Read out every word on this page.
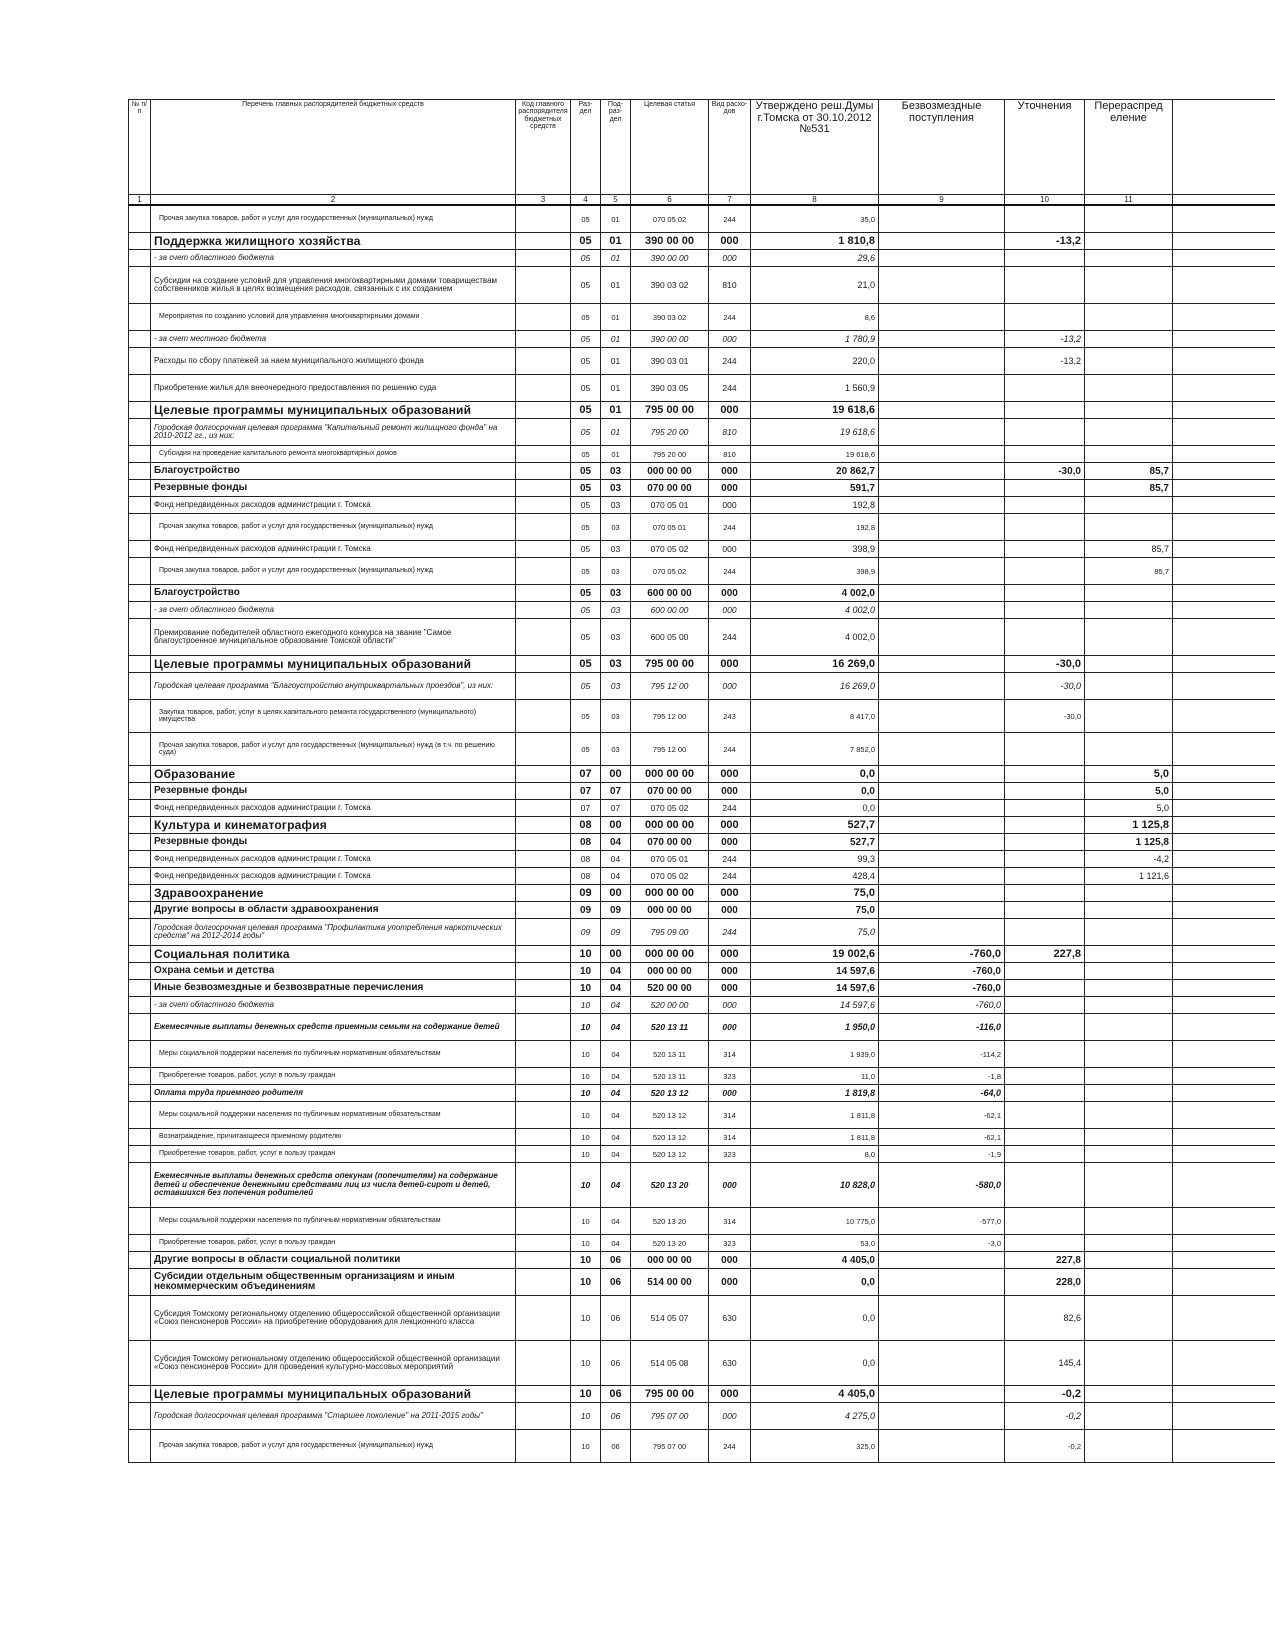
№ п/п	Перечень главных распорядителей бюджетных средств	Код главного распорядителя бюджетных средств	Раз- дел	Под- раз- дел	Целевая статья	Вид расхо- дов	Утверждено реш.Думы г.Томска от 30.10.2012 №531	Безвозмездные поступления	Уточнения	Перераспред еление	
1	2	3	4	5	6	7	8	9	10	11	
	Прочая закупка товаров, работ и услуг для государственных (муниципальных) нужд		05	01	070 05 02	244	35,0				
	Поддержка жилищного хозяйства		05	01	390 00 00	000	1 810,8		-13,2		
	- за счет областного бюджета		05	01	390 00 00	000	29,6				
	Субсидии на создание условий для управления многоквартирными домами товариществам собственников жилья в целях возмещения расходов, связанных с их созданием		05	01	390 03 02	810	21,0				
	Мероприятия по созданию условий для управления многоквартирными домами		05	01	390 03 02	244	8,6				
	- за счет местного бюджета		05	01	390 00 00	000	1 780,9		-13,2		
	Расходы по сбору платежей за наем муниципального жилищного фонда		05	01	390 03 01	244	220,0		-13,2		
	Приобретение жилья для внеочередного предоставления по решению суда		05	01	390 03 05	244	1 560,9				
	Целевые программы муниципальных образований		05	01	795 00 00	000	19 618,6				
	Городская долгосрочная целевая программа "Капитальный ремонт жилищного фонда" на 2010-2012 гг., из них:		05	01	795 20 00	810	19 618,6				
	Субсидия на проведение капитального ремонта многоквартирных домов		05	01	795 20 00	810	19 618,6				
	Благоустройство		05	03	000 00 00	000	20 862,7		-30,0	85,7	
	Резервные фонды		05	03	070 00 00	000	591,7			85,7	
	Фонд непредвиденных расходов администрации г. Томска		05	03	070 05 01	000	192,8				
	Прочая закупка товаров, работ и услуг для государственных (муниципальных) нужд		05	03	070 05 01	244	192,8				
	Фонд непредвиденных расходов администрации г. Томска		05	03	070 05 02	000	398,9			85,7	
	Прочая закупка товаров, работ и услуг для государственных (муниципальных) нужд		05	03	070 05 02	244	398,9			85,7	
	Благоустройство		05	03	600 00 00	000	4 002,0				
	- за счет областного бюджета		05	03	600 00 00	000	4 002,0				
	Премирование победителей областного ежегодного конкурса на звание "Самое благоустроенное муниципальное образование Томской области"		05	03	600 05 00	244	4 002,0				
	Целевые программы муниципальных образований		05	03	795 00 00	000	16 269,0		-30,0		
	Городская целевая программа "Благоустройство внутриквартальных проездов", из них:		05	03	795 12 00	000	16 269,0		-30,0		
	Закупка товаров, работ, услуг в целях капитального ремонта государственного (муниципального) имущества		05	03	795 12 00	243	8 417,0		-30,0		
	Прочая закупка товаров, работ и услуг для государственных (муниципальных) нужд (в т.ч. по решению суда)		05	03	795 12 00	244	7 852,0				
	Образование		07	00	000 00 00	000	0,0			5,0	
	Резервные фонды		07	07	070 00 00	000	0,0			5,0	
	Фонд непредвиденных расходов администрации г. Томска		07	07	070 05 02	244	0,0			5,0	
	Культура и кинематография		08	00	000 00 00	000	527,7			1 125,8	
	Резервные фонды		08	04	070 00 00	000	527,7			1 125,8	
	Фонд непредвиденных расходов администрации г. Томска		08	04	070 05 01	244	99,3			-4,2	
	Фонд непредвиденных расходов администрации г. Томска		08	04	070 05 02	244	428,4			1 121,6	
	Здравоохранение		09	00	000 00 00	000	75,0				
	Другие вопросы в области здравоохранения		09	09	000 00 00	000	75,0				
	Городская долгосрочная целевая программа "Профилактика употребления наркотических средств" на 2012-2014 годы"		09	09	795 09 00	244	75,0				
	Социальная политика		10	00	000 00 00	000	19 002,6	-760,0	227,8		
	Охрана семьи и детства		10	04	000 00 00	000	14 597,6	-760,0			
	Иные безвозмездные и безвозвратные перечисления		10	04	520 00 00	000	14 597,6	-760,0			
	- за счет областного бюджета		10	04	520 00 00	000	14 597,6	-760,0			
	Ежемесячные выплаты денежных средств приемным семьям на содержание детей		10	04	520 13 11	000	1 950,0	-116,0			
	Меры социальной поддержки населения по публичным нормативным обязательствам		10	04	520 13 11	314	1 939,0	-114,2			
	Приобретение товаров, работ, услуг в пользу граждан		10	04	520 13 11	323	11,0	-1,8			
	Оплата труда приемного родителя		10	04	520 13 12	000	1 819,8	-64,0			
	Меры социальной поддержки населения по публичным нормативным обязательствам		10	04	520 13 12	314	1 811,8	-62,1			
	Вознаграждение, причитающееся приемному родителю		10	04	520 13 12	314	1 811,8	-62,1			
	Приобретение товаров, работ, услуг в пользу граждан		10	04	520 13 12	323	8,0	-1,9			
	Ежемесячные выплаты денежных средств опекунам (попечителям) на содержание детей и обеспечение денежными средствами лиц из числа детей-сирот и детей, оставшихся без попечения родителей		10	04	520 13 20	000	10 828,0	-580,0			
	Меры социальной поддержки населения по публичным нормативным обязательствам		10	04	520 13 20	314	10 775,0	-577,0			
	Приобретение товаров, работ, услуг в пользу граждан		10	04	520 13 20	323	53,0	-3,0			
	Другие вопросы в области социальной политики		10	06	000 00 00	000	4 405,0		227,8		
	Субсидии отдельным общественным организациям и иным некоммерческим объединениям		10	06	514 00 00	000	0,0		228,0		
	Субсидия Томскому региональному отделению общероссийской общественной организации «Союз пенсионеров России» на приобретение оборудования для лекционного класса		10	06	514 05 07	630	0,0		82,6		
	Субсидия Томскому региональному отделению общероссийской общественной организации «Союз пенсионеров России» для проведения культурно-массовых мероприятий		10	06	514 05 08	630	0,0		145,4		
	Целевые программы муниципальных образований		10	06	795 00 00	000	4 405,0		-0,2		
	Городская долгосрочная целевая программа "Старшее поколение" на 2011-2015 годы"		10	06	795 07 00	000	4 275,0		-0,2		
	Прочая закупка товаров, работ и услуг для государственных (муниципальных) нужд		10	06	795 07 00	244	325,0		-0,2		
